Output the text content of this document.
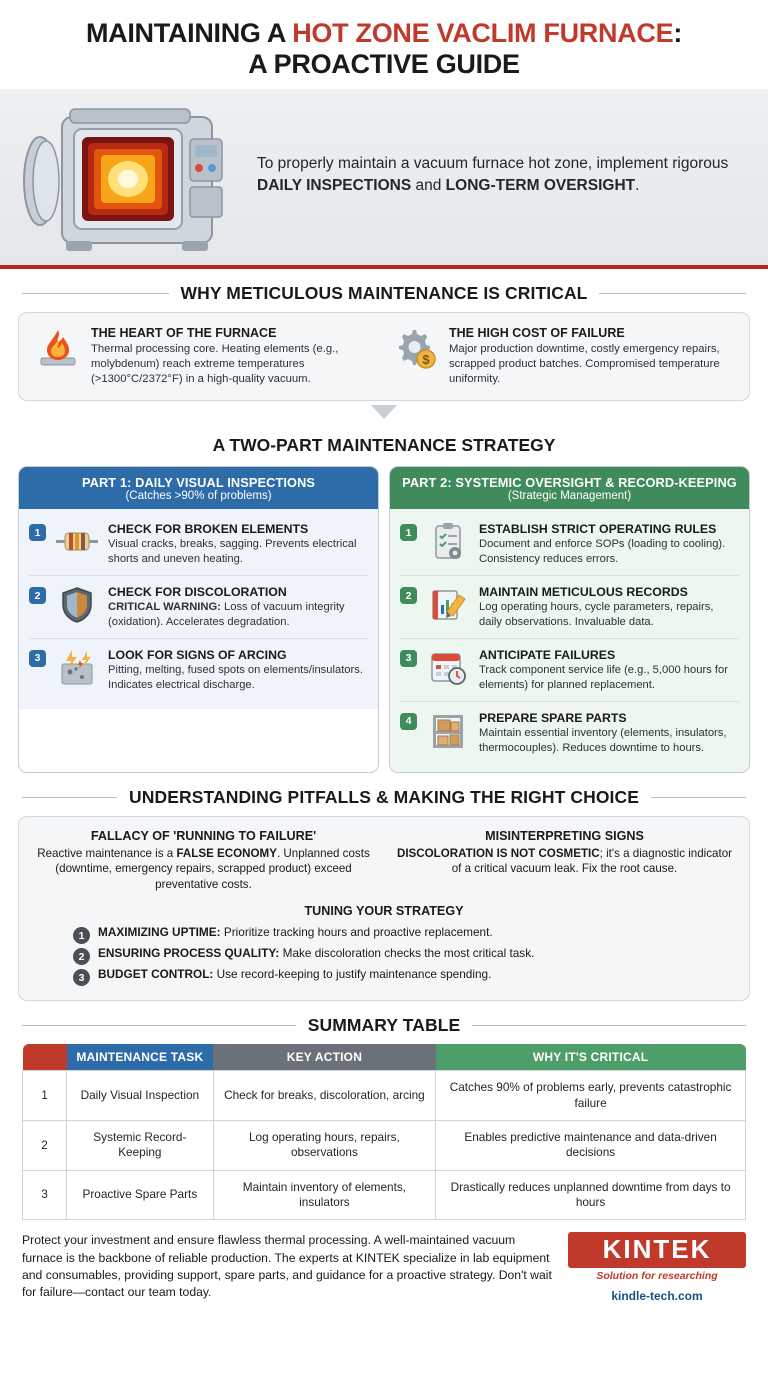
MAINTAINING A HOT ZONE VACLIM FURNACE:
A PROACTIVE GUIDE
To properly maintain a vacuum furnace hot zone, implement rigorous DAILY INSPECTIONS and LONG-TERM OVERSIGHT.
WHY METICULOUS MAINTENANCE IS CRITICAL
THE HEART OF THE FURNACE

Thermal processing core. Heating elements (e.g., molybdenum) reach extreme temperatures (>1300°C/2372°F) in a high-quality vacuum.

$
THE HIGH COST OF FAILURE

Major production downtime, costly emergency repairs, scrapped product batches. Compromised temperature uniformity.

A TWO-PART MAINTENANCE STRATEGY
PART 1: DAILY VISUAL INSPECTIONS
(Catches >90% of problems)
1	CHECK FOR BROKEN ELEMENTS

Visual cracks, breaks, sagging. Prevents electrical shorts and uneven heating.

2	CHECK FOR DISCOLORATION

CRITICAL WARNING: Loss of vacuum integrity (oxidation). Accelerates degradation.

3	LOOK FOR SIGNS OF ARCING

Pitting, melting, fused spots on elements/insulators. Indicates electrical discharge.

PART 2: SYSTEMIC OVERSIGHT & RECORD-KEEPING
(Strategic Management)
1	ESTABLISH STRICT OPERATING RULES

Document and enforce SOPs (loading to cooling). Consistency reduces errors.

2	MAINTAIN METICULOUS RECORDS

Log operating hours, cycle parameters, repairs, daily observations. Invaluable data.

3	ANTICIPATE FAILURES

Track component service life (e.g., 5,000 hours for elements) for planned replacement.

4	PREPARE SPARE PARTS

Maintain essential inventory (elements, insulators, thermocouples). Reduces downtime to hours.

UNDERSTANDING PITFALLS & MAKING THE RIGHT CHOICE
FALLACY OF 'RUNNING TO FAILURE'

Reactive maintenance is a FALSE ECONOMY. Unplanned costs (downtime, emergency repairs, scrapped product) exceed preventative costs.

MISINTERPRETING SIGNS

DISCOLORATION IS NOT COSMETIC; it's a diagnostic indicator of a critical vacuum leak. Fix the root cause.

TUNING YOUR STRATEGY
1	MAXIMIZING UPTIME: Prioritize tracking hours and proactive replacement.
2	ENSURING PROCESS QUALITY: Make discoloration checks the most critical task.
3	BUDGET CONTROL: Use record-keeping to justify maintenance spending.
SUMMARY TABLE
	MAINTENANCE TASK	KEY ACTION	WHY IT'S CRITICAL
1	Daily Visual Inspection	Check for breaks, discoloration, arcing	Catches 90% of problems early, prevents catastrophic failure
2	Systemic Record-Keeping	Log operating hours, repairs, observations	Enables predictive maintenance and data-driven decisions
3	Proactive Spare Parts	Maintain inventory of elements, insulators	Drastically reduces unplanned downtime from days to hours

Protect your investment and ensure flawless thermal processing. A well-maintained vacuum furnace is the backbone of reliable production. The experts at KINTEK specialize in lab equipment and consumables, providing support, spare parts, and guidance for a proactive strategy. Don't wait for failure—contact our team today.

KINTEK
Solution for researching
kindle-tech.com
